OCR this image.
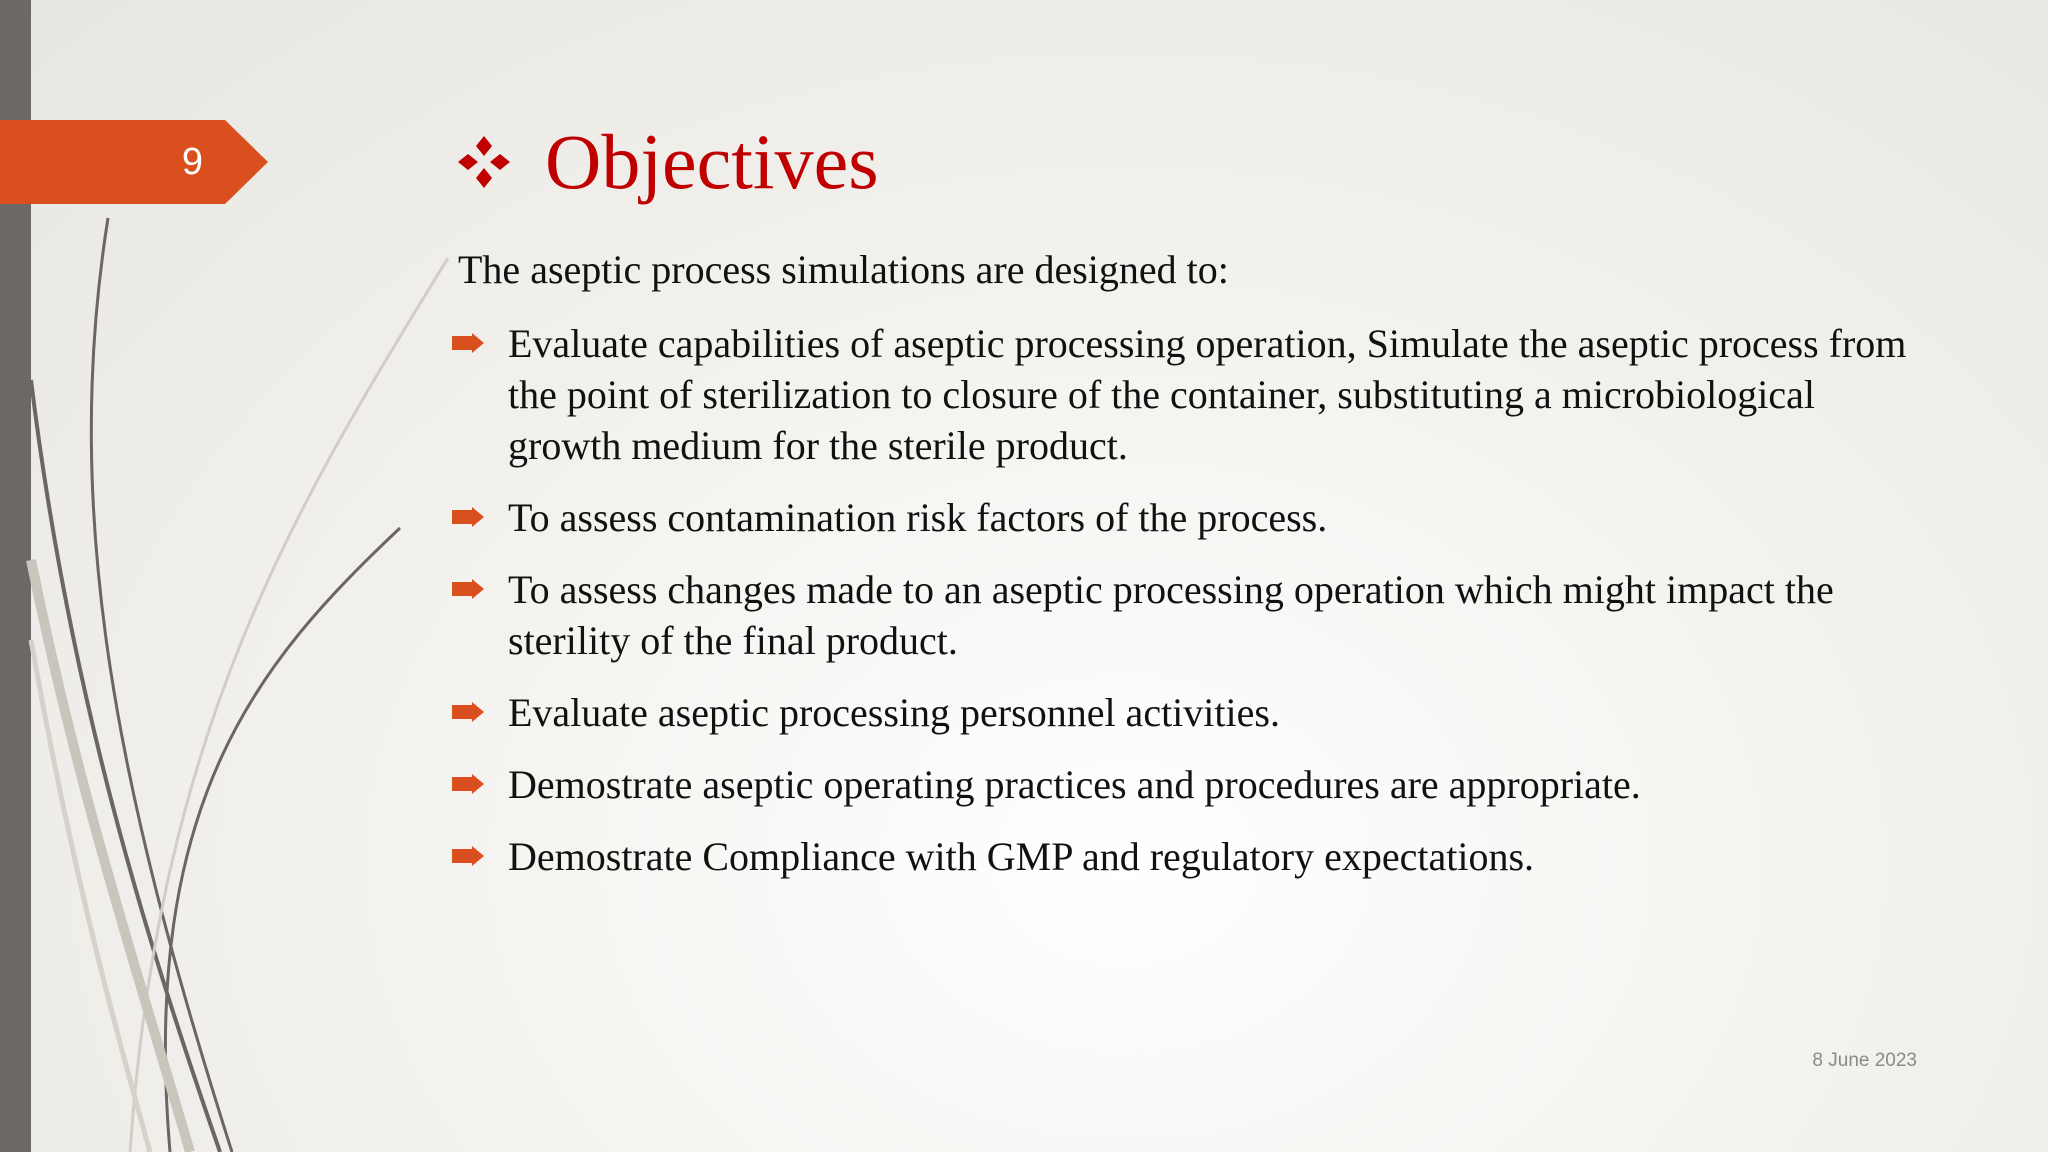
9	Objectives
The aseptic process simulations are designed to:
Evaluate capabilities of aseptic processing operation, Simulate the aseptic process from the point of sterilization to closure of the container, substituting a microbiological growth medium for the sterile product.
To assess contamination risk factors of the process.
To assess changes made to an aseptic processing operation which might impact the sterility of the final product.
Evaluate aseptic processing personnel activities.
Demostrate aseptic operating practices and procedures are appropriate.
Demostrate Compliance with GMP and regulatory expectations.
8 June 2023
